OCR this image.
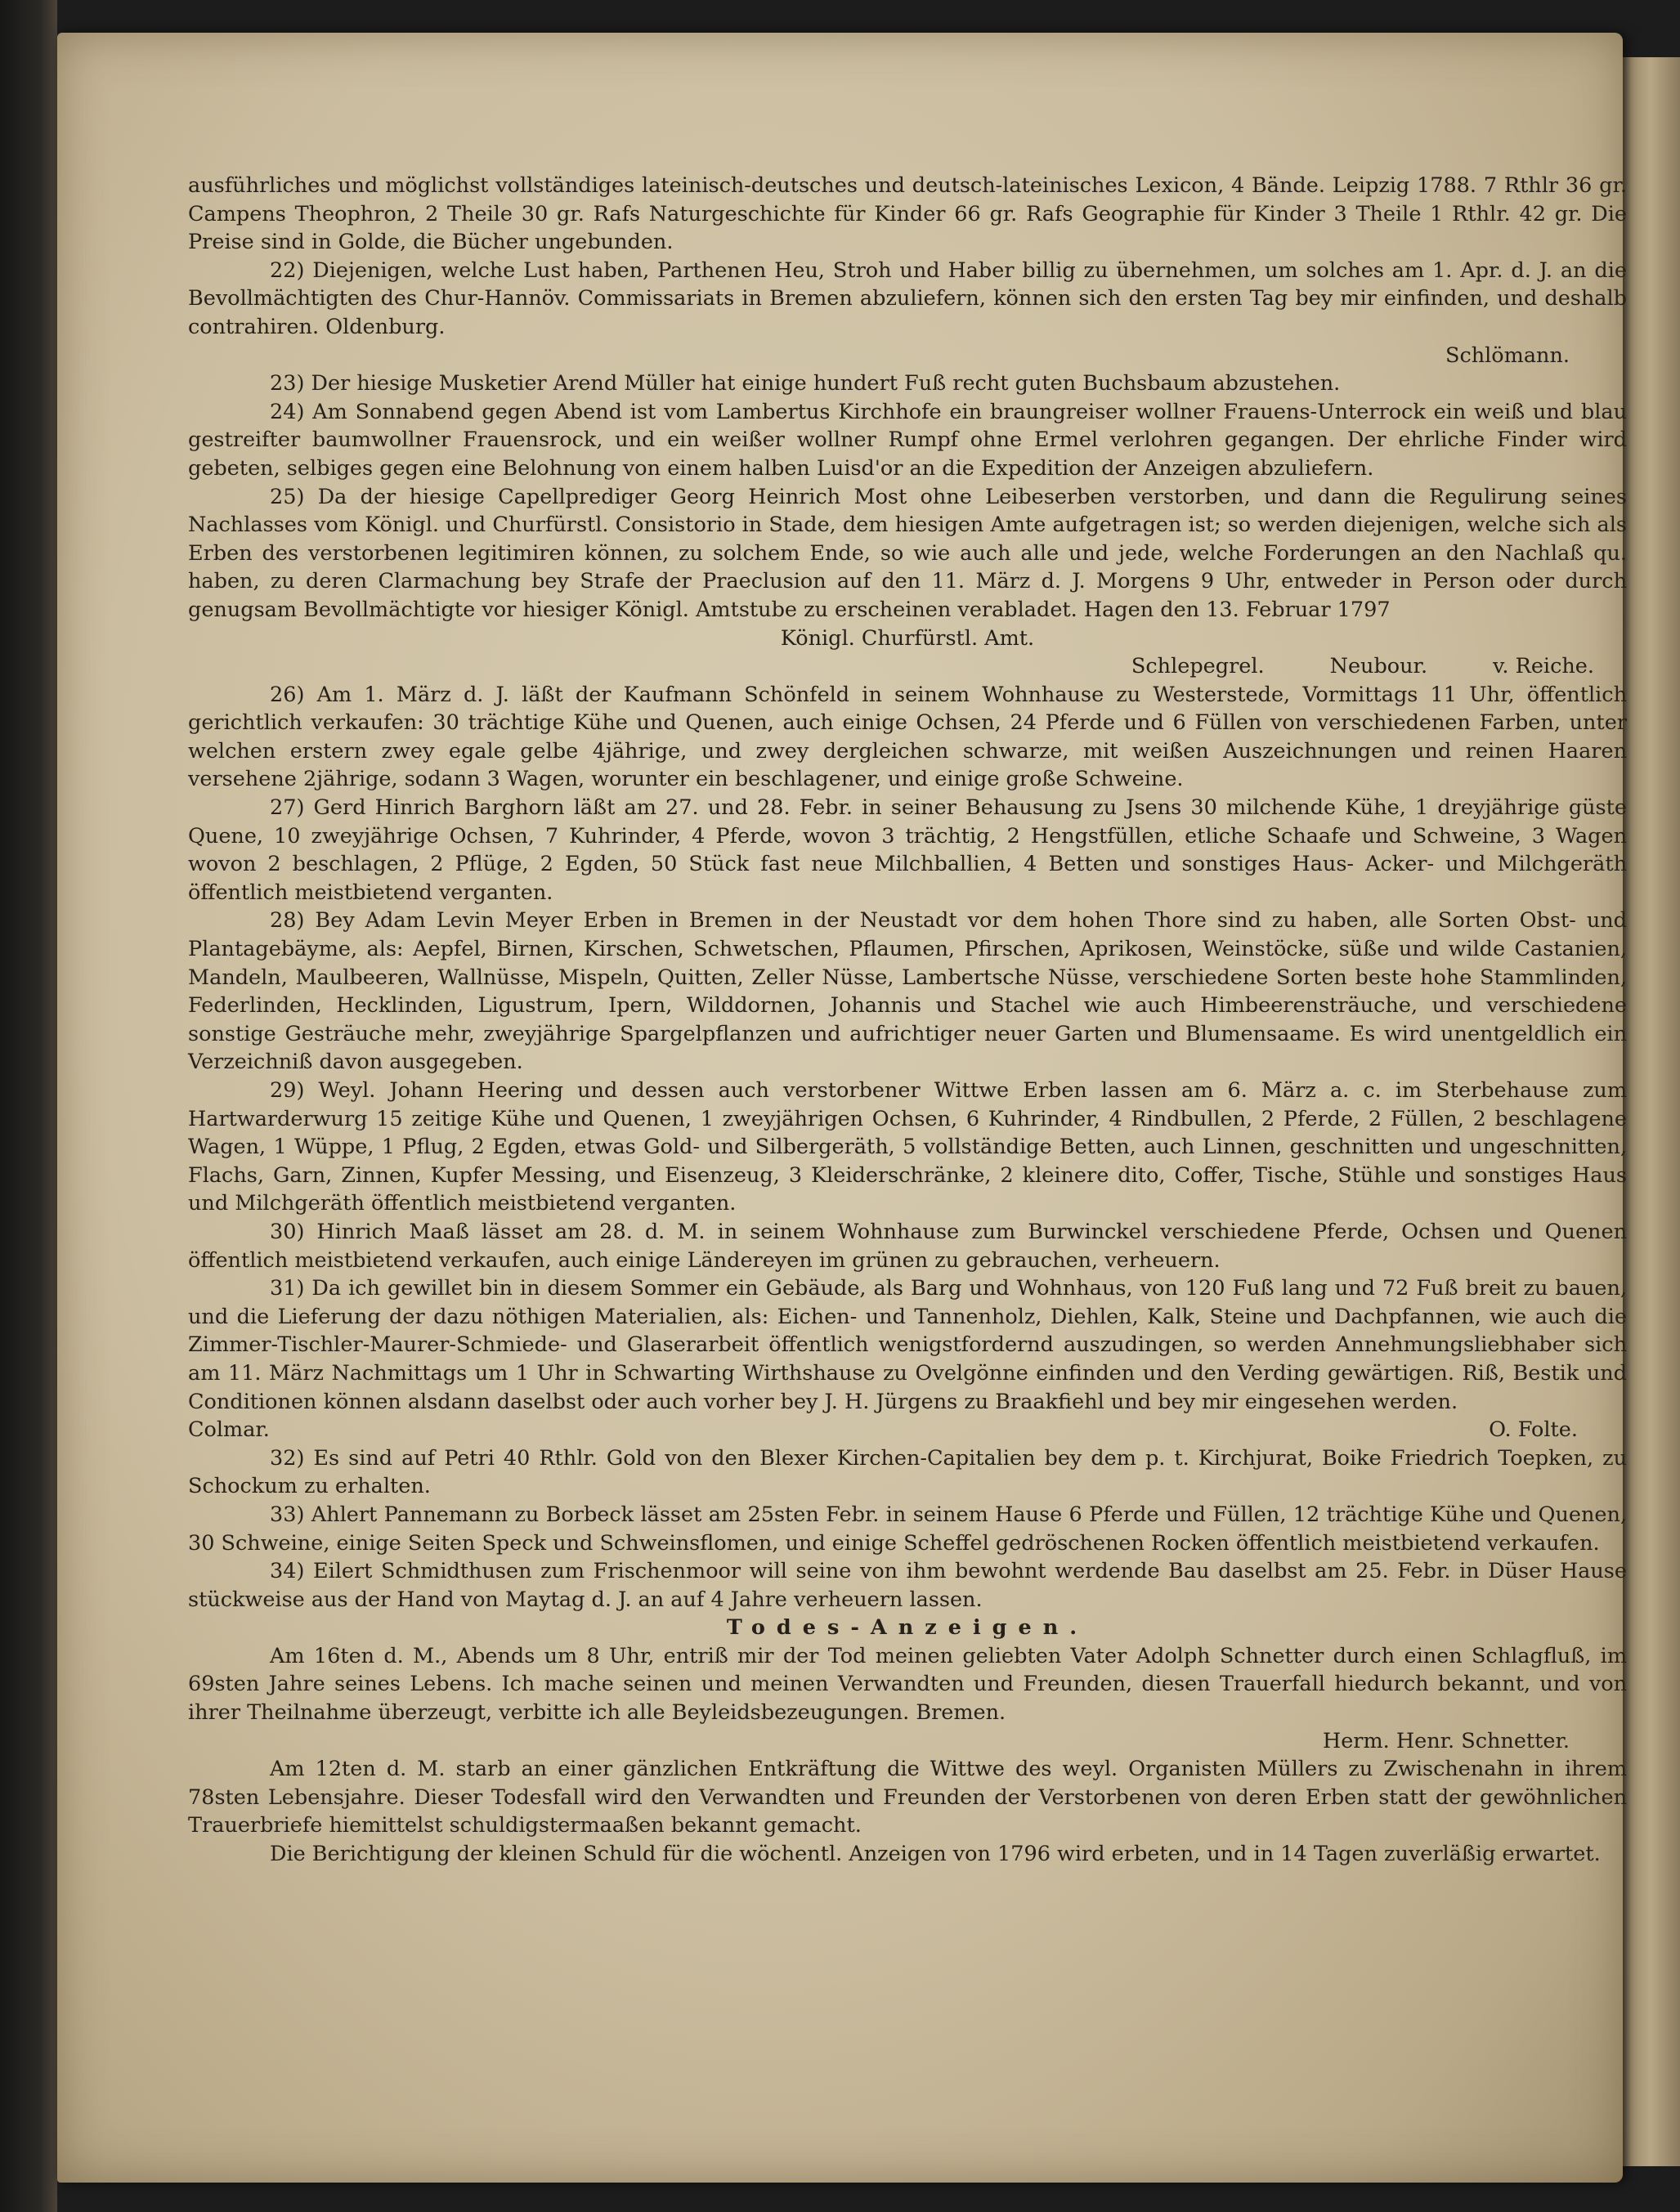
ausführliches und möglichst vollständiges lateinisch-deutsches und deutsch-lateinisches Lexicon, 4 Bände. Leipzig 1788. 7 Rthlr 36 gr. Campens Theophron, 2 Theile 30 gr. Rafs Naturgeschichte für Kinder 66 gr. Rafs Geographie für Kinder 3 Theile 1 Rthlr. 42 gr. Die Preise sind in Golde, die Bücher ungebunden.

22) Diejenigen, welche Lust haben, Parthenen Heu, Stroh und Haber billig zu übernehmen, um solches am 1. Apr. d. J. an die Bevollmächtigten des Chur-Hannöv. Commissariats in Bremen abzuliefern, können sich den ersten Tag bey mir einfinden, und deshalb contrahiren. Oldenburg.

Schlömann.

23) Der hiesige Musketier Arend Müller hat einige hundert Fuß recht guten Buchsbaum abzustehen.

24) Am Sonnabend gegen Abend ist vom Lambertus Kirchhofe ein braungreiser wollner Frauens-Unterrock ein weiß und blau gestreifter baumwollner Frauensrock, und ein weißer wollner Rumpf ohne Ermel verlohren gegangen. Der ehrliche Finder wird gebeten, selbiges gegen eine Belohnung von einem halben Luisd'or an die Expedition der Anzeigen abzuliefern.

25) Da der hiesige Capellprediger Georg Heinrich Most ohne Leibeserben verstorben, und dann die Regulirung seines Nachlasses vom Königl. und Churfürstl. Consistorio in Stade, dem hiesigen Amte aufgetragen ist; so werden diejenigen, welche sich als Erben des verstorbenen legitimiren können, zu solchem Ende, so wie auch alle und jede, welche Forderungen an den Nachlaß qu. haben, zu deren Clarmachung bey Strafe der Praeclusion auf den 11. März d. J. Morgens 9 Uhr, entweder in Person oder durch genugsam Bevollmächtigte vor hiesiger Königl. Amtstube zu erscheinen verabladet. Hagen den 13. Februar 1797

Königl. Churfürstl. Amt.

Schlepegrel.	Neubour.	v. Reiche.

26) Am 1. März d. J. läßt der Kaufmann Schönfeld in seinem Wohnhause zu Westerstede, Vormittags 11 Uhr, öffentlich gerichtlich verkaufen: 30 trächtige Kühe und Quenen, auch einige Ochsen, 24 Pferde und 6 Füllen von verschiedenen Farben, unter welchen erstern zwey egale gelbe 4jährige, und zwey dergleichen schwarze, mit weißen Auszeichnungen und reinen Haaren versehene 2jährige, sodann 3 Wagen, worunter ein beschlagener, und einige große Schweine.

27) Gerd Hinrich Barghorn läßt am 27. und 28. Febr. in seiner Behausung zu Jsens 30 milchende Kühe, 1 dreyjährige güste Quene, 10 zweyjährige Ochsen, 7 Kuhrinder, 4 Pferde, wovon 3 trächtig, 2 Hengstfüllen, etliche Schaafe und Schweine, 3 Wagen wovon 2 beschlagen, 2 Pflüge, 2 Egden, 50 Stück fast neue Milchballien, 4 Betten und sonstiges Haus- Acker- und Milchgeräth öffentlich meistbietend verganten.

28) Bey Adam Levin Meyer Erben in Bremen in der Neustadt vor dem hohen Thore sind zu haben, alle Sorten Obst- und Plantagebäyme, als: Aepfel, Birnen, Kirschen, Schwetschen, Pflaumen, Pfirschen, Aprikosen, Weinstöcke, süße und wilde Castanien, Mandeln, Maulbeeren, Wallnüsse, Mispeln, Quitten, Zeller Nüsse, Lambertsche Nüsse, verschiedene Sorten beste hohe Stammlinden, Federlinden, Hecklinden, Ligustrum, Ipern, Wilddornen, Johannis und Stachel wie auch Himbeerensträuche, und verschiedene sonstige Gesträuche mehr, zweyjährige Spargelpflanzen und aufrichtiger neuer Garten und Blumensaame. Es wird unentgeldlich ein Verzeichniß davon ausgegeben.

29) Weyl. Johann Heering und dessen auch verstorbener Wittwe Erben lassen am 6. März a. c. im Sterbehause zum Hartwarderwurg 15 zeitige Kühe und Quenen, 1 zweyjährigen Ochsen, 6 Kuhrinder, 4 Rindbullen, 2 Pferde, 2 Füllen, 2 beschlagene Wagen, 1 Wüppe, 1 Pflug, 2 Egden, etwas Gold- und Silbergeräth, 5 vollständige Betten, auch Linnen, geschnitten und ungeschnitten, Flachs, Garn, Zinnen, Kupfer Messing, und Eisenzeug, 3 Kleiderschränke, 2 kleinere dito, Coffer, Tische, Stühle und sonstiges Haus und Milchgeräth öffentlich meistbietend verganten.

30) Hinrich Maaß lässet am 28. d. M. in seinem Wohnhause zum Burwinckel verschiedene Pferde, Ochsen und Quenen öffentlich meistbietend verkaufen, auch einige Ländereyen im grünen zu gebrauchen, verheuern.

31) Da ich gewillet bin in diesem Sommer ein Gebäude, als Barg und Wohnhaus, von 120 Fuß lang und 72 Fuß breit zu bauen, und die Lieferung der dazu nöthigen Materialien, als: Eichen- und Tannenholz, Diehlen, Kalk, Steine und Dachpfannen, wie auch die Zimmer-Tischler-Maurer-Schmiede- und Glaserarbeit öffentlich wenigstfordernd auszudingen, so werden Annehmungsliebhaber sich am 11. März Nachmittags um 1 Uhr in Schwarting Wirthshause zu Ovelgönne einfinden und den Verding gewärtigen. Riß, Bestik und Conditionen können alsdann daselbst oder auch vorher bey J. H. Jürgens zu Braakfiehl und bey mir eingesehen werden.

Colmar.	O. Folte.

32) Es sind auf Petri 40 Rthlr. Gold von den Blexer Kirchen-Capitalien bey dem p. t. Kirchjurat, Boike Friedrich Toepken, zu Schockum zu erhalten.

33) Ahlert Pannemann zu Borbeck lässet am 25sten Febr. in seinem Hause 6 Pferde und Füllen, 12 trächtige Kühe und Quenen, 30 Schweine, einige Seiten Speck und Schweinsflomen, und einige Scheffel gedröschenen Rocken öffentlich meistbietend verkaufen.

34) Eilert Schmidthusen zum Frischenmoor will seine von ihm bewohnt werdende Bau daselbst am 25. Febr. in Düser Hause stückweise aus der Hand von Maytag d. J. an auf 4 Jahre verheuern lassen.

Todes-Anzeigen.

Am 16ten d. M., Abends um 8 Uhr, entriß mir der Tod meinen geliebten Vater Adolph Schnetter durch einen Schlagfluß, im 69sten Jahre seines Lebens. Ich mache seinen und meinen Verwandten und Freunden, diesen Trauerfall hiedurch bekannt, und von ihrer Theilnahme überzeugt, verbitte ich alle Beyleidsbezeugungen. Bremen.

Herm. Henr. Schnetter.

Am 12ten d. M. starb an einer gänzlichen Entkräftung die Wittwe des weyl. Organisten Müllers zu Zwischenahn in ihrem 78sten Lebensjahre. Dieser Todesfall wird den Verwandten und Freunden der Verstorbenen von deren Erben statt der gewöhnlichen Trauerbriefe hiemittelst schuldigstermaaßen bekannt gemacht.

Die Berichtigung der kleinen Schuld für die wöchentl. Anzeigen von 1796 wird erbeten, und in 14 Tagen zuverläßig erwartet.
